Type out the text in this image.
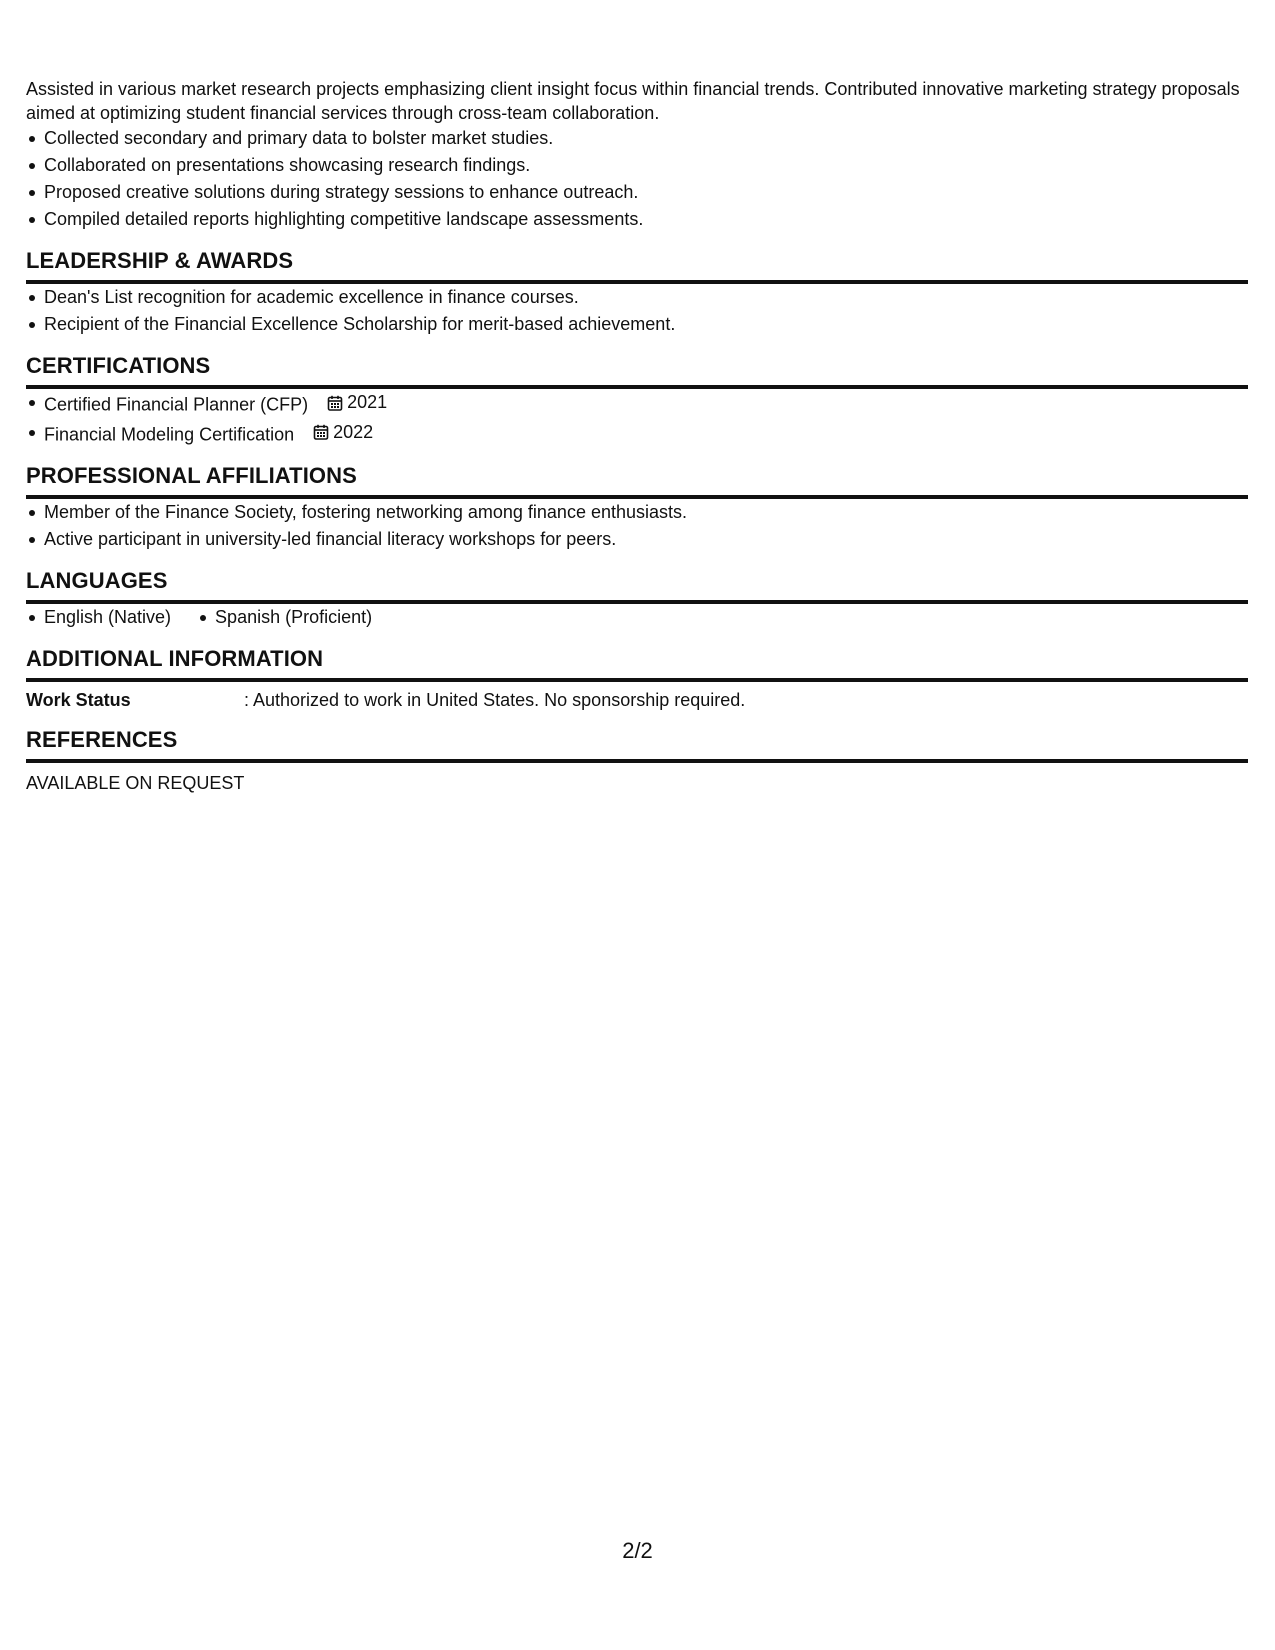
Assisted in various market research projects emphasizing client insight focus within financial trends. Contributed innovative marketing strategy proposals aimed at optimizing student financial services through cross-team collaboration.

Collected secondary and primary data to bolster market studies.
Collaborated on presentations showcasing research findings.
Proposed creative solutions during strategy sessions to enhance outreach.
Compiled detailed reports highlighting competitive landscape assessments.
LEADERSHIP & AWARDS
Dean's List recognition for academic excellence in finance courses.
Recipient of the Financial Excellence Scholarship for merit-based achievement.
CERTIFICATIONS
Certified Financial Planner (CFP) 2021
Financial Modeling Certification 2022
PROFESSIONAL AFFILIATIONS
Member of the Finance Society, fostering networking among finance enthusiasts.
Active participant in university-led financial literacy workshops for peers.
LANGUAGES
English (Native) Spanish (Proficient)
ADDITIONAL INFORMATION
Work Status	: Authorized to work in United States. No sponsorship required.
REFERENCES
AVAILABLE ON REQUEST
2/2
